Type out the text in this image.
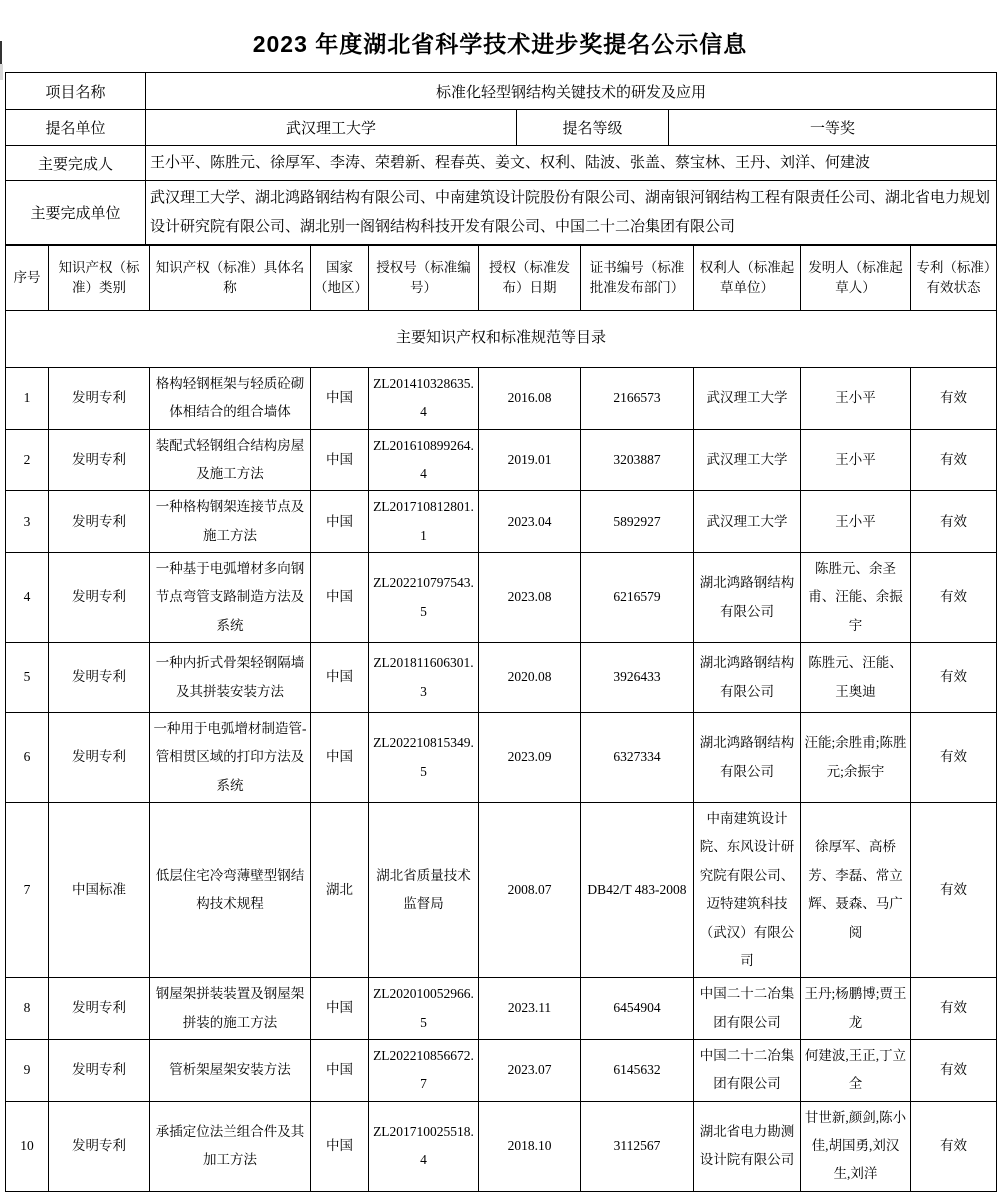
2023 年度湖北省科学技术进步奖提名公示信息
项目名称	标准化轻型钢结构关键技术的研发及应用		
提名单位	武汉理工大学	提名等级	一等奖
主要完成人	王小平、陈胜元、徐厚军、李涛、荣碧新、程春英、姜文、权利、陆波、张盖、蔡宝林、王丹、刘洋、何建波		
主要完成单位	武汉理工大学、湖北鸿路钢结构有限公司、中南建筑设计院股份有限公司、湖南银河钢结构工程有限责任公司、湖北省电力规划设计研究院有限公司、湖北别一阁钢结构科技开发有限公司、中国二十二冶集团有限公司		
主要知识产权和标准规范等目录									
序号	知识产权（标准）类别	知识产权（标准）具体名称	国家（地区）	授权号（标准编号）	授权（标准发布）日期	证书编号（标准批准发布部门）	权利人（标准起草单位）	发明人（标准起草人）	专利（标准）有效状态
1	发明专利	格构轻钢框架与轻质砼砌体相结合的组合墙体	中国	ZL201410328635.4	2016.08	2166573	武汉理工大学	王小平	有效
2	发明专利	装配式轻钢组合结构房屋及施工方法	中国	ZL201610899264.4	2019.01	3203887	武汉理工大学	王小平	有效
3	发明专利	一种格构钢架连接节点及施工方法	中国	ZL201710812801.1	2023.04	5892927	武汉理工大学	王小平	有效
4	发明专利	一种基于电弧增材多向钢节点弯管支路制造方法及系统	中国	ZL202210797543.5	2023.08	6216579	湖北鸿路钢结构有限公司	陈胜元、余圣甫、汪能、余振宇	有效
5	发明专利	一种内折式骨架轻钢隔墙及其拼装安装方法	中国	ZL201811606301.3	2020.08	3926433	湖北鸿路钢结构有限公司	陈胜元、汪能、王奥迪	有效
6	发明专利	一种用于电弧增材制造管-管相贯区域的打印方法及系统	中国	ZL202210815349.5	2023.09	6327334	湖北鸿路钢结构有限公司	汪能;余胜甫;陈胜元;余振宇	有效
7	中国标准	低层住宅冷弯薄壁型钢结构技术规程	湖北	湖北省质量技术监督局	2008.07	DB42/T 483-2008	中南建筑设计院、东风设计研究院有限公司、迈特建筑科技（武汉）有限公司	徐厚军、高桥芳、李磊、常立辉、聂森、马广阅	有效
8	发明专利	钢屋架拼装装置及钢屋架拼装的施工方法	中国	ZL202010052966.5	2023.11	6454904	中国二十二冶集团有限公司	王丹;杨鹏博;贾王龙	有效
9	发明专利	管析架屋架安装方法	中国	ZL202210856672.7	2023.07	6145632	中国二十二冶集团有限公司	何建波,王正,丁立全	有效
10	发明专利	承插定位法兰组合件及其加工方法	中国	ZL201710025518.4	2018.10	3112567	湖北省电力勘测设计院有限公司	甘世新,颜剑,陈小佳,胡国勇,刘汉生,刘洋	有效
